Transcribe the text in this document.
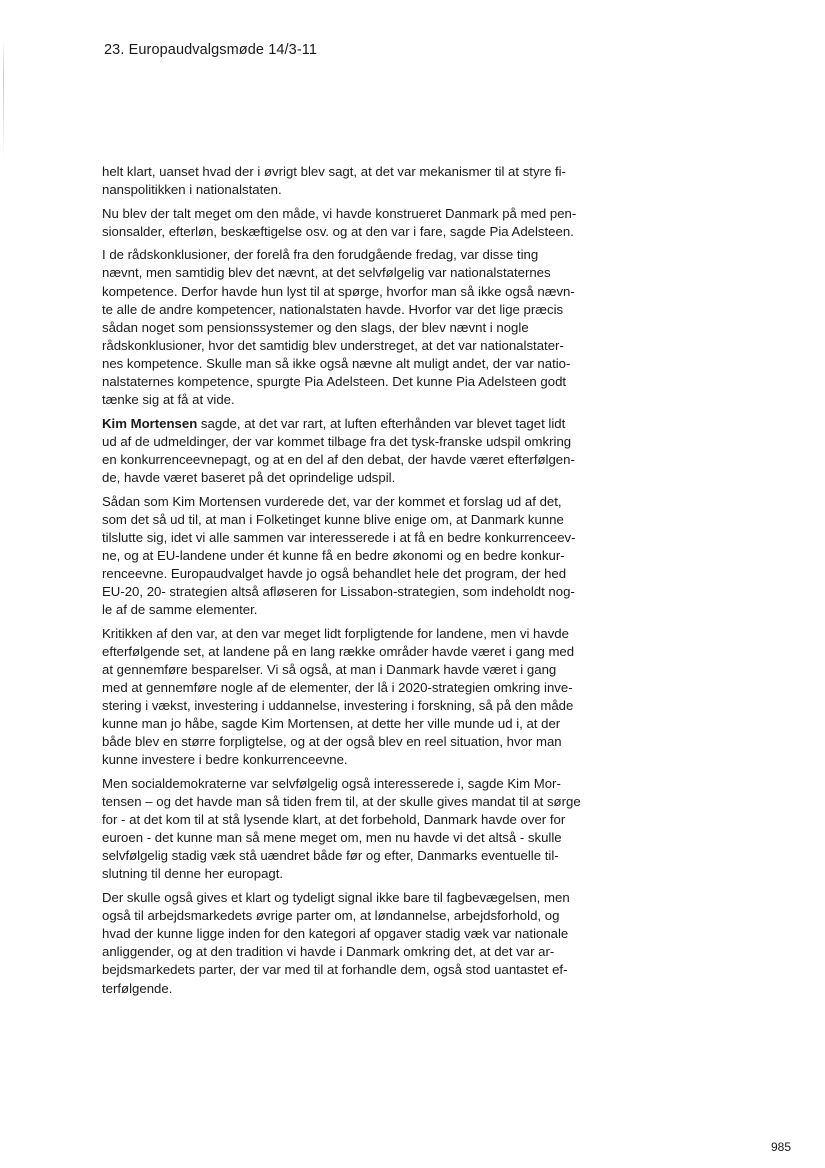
23. Europaudvalgsmøde 14/3-11

helt klart, uanset hvad der i øvrigt blev sagt, at det var mekanismer til at styre fi-
nanspolitikken i nationalstaten.

Nu blev der talt meget om den måde, vi havde konstrueret Danmark på med pen-
sionsalder, efterløn, beskæftigelse osv. og at den var i fare, sagde Pia Adelsteen.

I de rådskonklusioner, der forelå fra den forudgående fredag, var disse ting
nævnt, men samtidig blev det nævnt, at det selvfølgelig var nationalstaternes
kompetence. Derfor havde hun lyst til at spørge, hvorfor man så ikke også nævn-
te alle de andre kompetencer, nationalstaten havde. Hvorfor var det lige præcis
sådan noget som pensionssystemer og den slags, der blev nævnt i nogle
rådskonklusioner, hvor det samtidig blev understreget, at det var nationalstater-
nes kompetence. Skulle man så ikke også nævne alt muligt andet, der var natio-
nalstaternes kompetence, spurgte Pia Adelsteen. Det kunne Pia Adelsteen godt
tænke sig at få at vide.

Kim Mortensen sagde, at det var rart, at luften efterhånden var blevet taget lidt
ud af de udmeldinger, der var kommet tilbage fra det tysk-franske udspil omkring
en konkurrenceevnepagt, og at en del af den debat, der havde været efterfølgen-
de, havde været baseret på det oprindelige udspil.

Sådan som Kim Mortensen vurderede det, var der kommet et forslag ud af det,
som det så ud til, at man i Folketinget kunne blive enige om, at Danmark kunne
tilslutte sig, idet vi alle sammen var interesserede i at få en bedre konkurrenceev-
ne, og at EU-landene under ét kunne få en bedre økonomi og en bedre konkur-
renceevne. Europaudvalget havde jo også behandlet hele det program, der hed
EU-20, 20- strategien altså afløseren for Lissabon-strategien, som indeholdt nog-
le af de samme elementer.

Kritikken af den var, at den var meget lidt forpligtende for landene, men vi havde
efterfølgende set, at landene på en lang række områder havde været i gang med
at gennemføre besparelser. Vi så også, at man i Danmark havde været i gang
med at gennemføre nogle af de elementer, der lå i 2020-strategien omkring inve-
stering i vækst, investering i uddannelse, investering i forskning, så på den måde
kunne man jo håbe, sagde Kim Mortensen, at dette her ville munde ud i, at der
både blev en større forpligtelse, og at der også blev en reel situation, hvor man
kunne investere i bedre konkurrenceevne.

Men socialdemokraterne var selvfølgelig også interesserede i, sagde Kim Mor-
tensen – og det havde man så tiden frem til, at der skulle gives mandat til at sørge
for - at det kom til at stå lysende klart, at det forbehold, Danmark havde over for
euroen - det kunne man så mene meget om, men nu havde vi det altså - skulle
selvfølgelig stadig væk stå uændret både før og efter, Danmarks eventuelle til-
slutning til denne her europagt.

Der skulle også gives et klart og tydeligt signal ikke bare til fagbevægelsen, men
også til arbejdsmarkedets øvrige parter om, at løndannelse, arbejdsforhold, og
hvad der kunne ligge inden for den kategori af opgaver stadig væk var nationale
anliggender, og at den tradition vi havde i Danmark omkring det, at det var ar-
bejdsmarkedets parter, der var med til at forhandle dem, også stod uantastet ef-
terfølgende.

985
